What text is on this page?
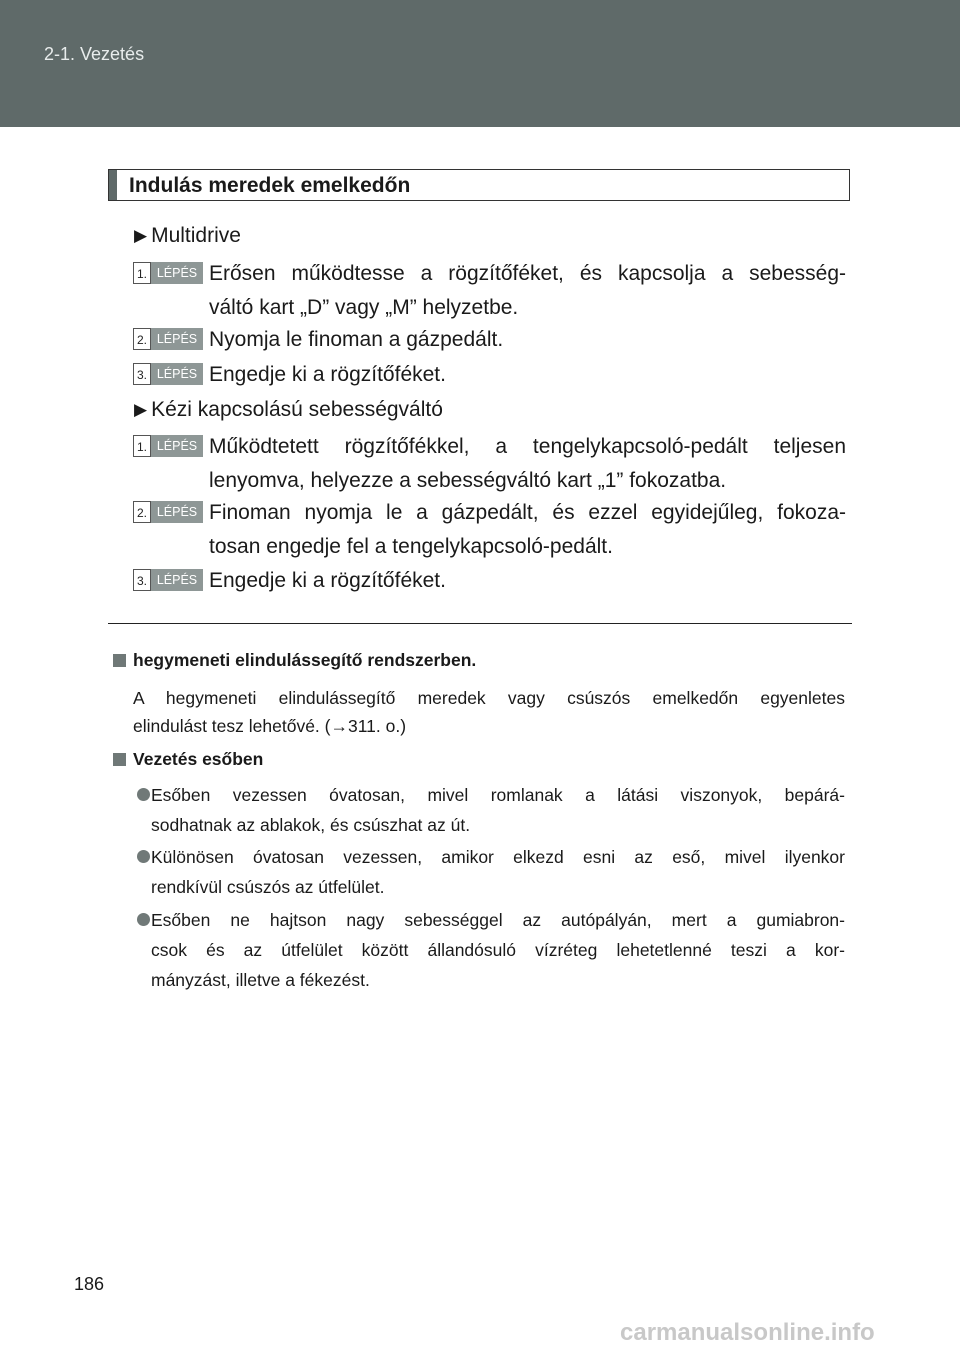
2-1. Vezetés
Indulás meredek emelkedőn
▶ Multidrive
1. LÉPÉS Erősen működtesse a rögzítőféket, és kapcsolja a sebesség-
váltó kart „D” vagy „M” helyzetbe.
2. LÉPÉS Nyomja le finoman a gázpedált.
3. LÉPÉS Engedje ki a rögzítőféket.
▶ Kézi kapcsolású sebességváltó
1. LÉPÉS Működtetett rögzítőfékkel, a tengelykapcsoló-pedált teljesen
lenyomva, helyezze a sebességváltó kart „1” fokozatba.
2. LÉPÉS Finoman nyomja le a gázpedált, és ezzel egyidejűleg, fokoza-
tosan engedje fel a tengelykapcsoló-pedált.
3. LÉPÉS Engedje ki a rögzítőféket.
hegymeneti elindulássegítő rendszerben.
A hegymeneti elindulássegítő meredek vagy csúszós emelkedőn egyenletes
elindulást tesz lehetővé. (→311. o.)
Vezetés esőben
Esőben vezessen óvatosan, mivel romlanak a látási viszonyok, bepárá-
sodhatnak az ablakok, és csúszhat az út.
Különösen óvatosan vezessen, amikor elkezd esni az eső, mivel ilyenkor
rendkívül csúszós az útfelület.
Esőben ne hajtson nagy sebességgel az autópályán, mert a gumiabron-
csok és az útfelület között állandósuló vízréteg lehetetlenné teszi a kor-
mányzást, illetve a fékezést.
186
carmanualsonline.info
